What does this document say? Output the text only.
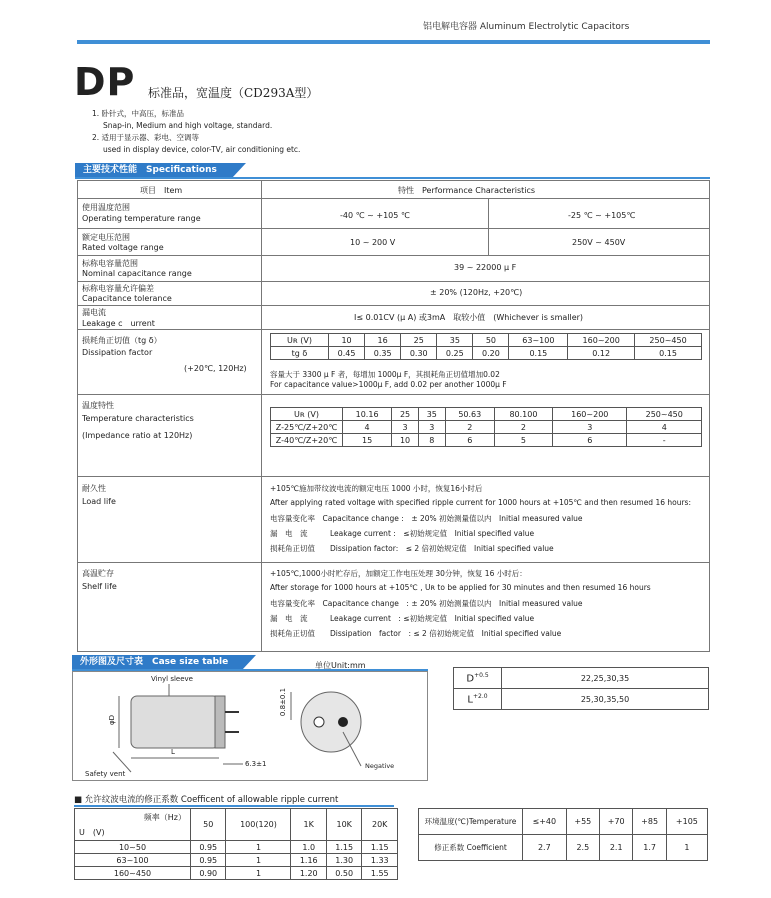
铝电解电容器 Aluminum Electrolytic Capacitors
DP 标准品，宽温度（CD293A型）
1. 卧针式，中高压，标准品
Snap-in, Medium and high voltage, standard.
2. 适用于显示器、彩电、空调等
used in display device, color-TV, air conditioning etc.
主要技术性能　Specifications
项目　Item	特性　Performance Characteristics
使用温度范围
Operating temperature range	-40 ℃ ~ +105 ℃	-25 ℃ ~ +105℃
额定电压范围
Rated voltage range
10 ~ 200 V	250V ~ 450V
标称电容量范围
Nominal capacitance range
39 ~ 22000 μ F
标称电容量允许偏差
Capacitance tolerance
± 20% (120Hz, +20℃)
漏电流
Leakage c　urrent
I≤ 0.01CV (μ A) 或3mA　取较小值　(Whichever is smaller)
损耗角正切值（tg δ）
Dissipation factor
(+20℃, 120Hz)
Uʀ (V)	10	16	25	35	50	63~100	160~200	250~450
tg δ	0.45	0.35	0.30	0.25	0.20	0.15	0.12	0.15
容量大于 3300 μ F 者，每增加 1000μ F，其损耗角正切值增加0.02
For capacitance value>1000μ F, add 0.02 per another 1000μ F
温度特性
Temperature characteristics
(Impedance ratio at 120Hz)
Uʀ (V)	10.16	25	35	50.63	80.100	160~200	250~450
Z-25℃/Z+20℃	4	3	3	2	2	3	4
Z-40℃/Z+20℃	15	10	8	6	5	6	-
耐久性
Load life
+105℃施加带纹波电流的额定电压 1000 小时，恢复16小时后
After applying rated voltage with specified ripple current for 1000 hours at +105℃ and then resumed 16 hours:
电容量变化率　Capacitance change :　± 20% 初始测量值以内　Initial measured value
漏　电　流　　　Leakage current :　≤初始规定值　Initial specified value
损耗角正切值　　Dissipation factor:　≤ 2 倍初始规定值　Initial specified value
高温贮存
Shelf life
+105℃,1000小时贮存后，加额定工作电压处理 30分钟，恢复 16 小时后：
After storage for 1000 hours at +105℃ , Uʀ to be applied for 30 minutes and then resumed 16 hours
电容量变化率　Capacitance change　: ± 20% 初始测量值以内　Initial measured value
漏　电　流　　　Leakage current　: ≤初始规定值　Initial specified value
损耗角正切值　　Dissipation　factor　: ≤ 2 倍初始规定值　Initial specified value
外形图及尺寸表　Case size table	单位Unit:mm
Vinyl sleeve
Safety vent
φD
L
6.3±1
0.8±0.1
Negative
$D^{+0.5}$	22,25,30,35
$L^{+2.0}$	25,30,35,50
■ 允许纹波电流的修正系数 Coefficent of allowable ripple current
频率（Hz）
U　(V)	50	100(120)	1K	10K	20K
10~50	0.95	1	1.0	1.15	1.15
63~100	0.95	1	1.16	1.30	1.33
160~450	0.90	1	1.20	0.50	1.55
环境温度(℃)Temperature	≤+40	+55	+70	+85	+105
修正系数 Coefficient	2.7	2.5	2.1	1.7	1
